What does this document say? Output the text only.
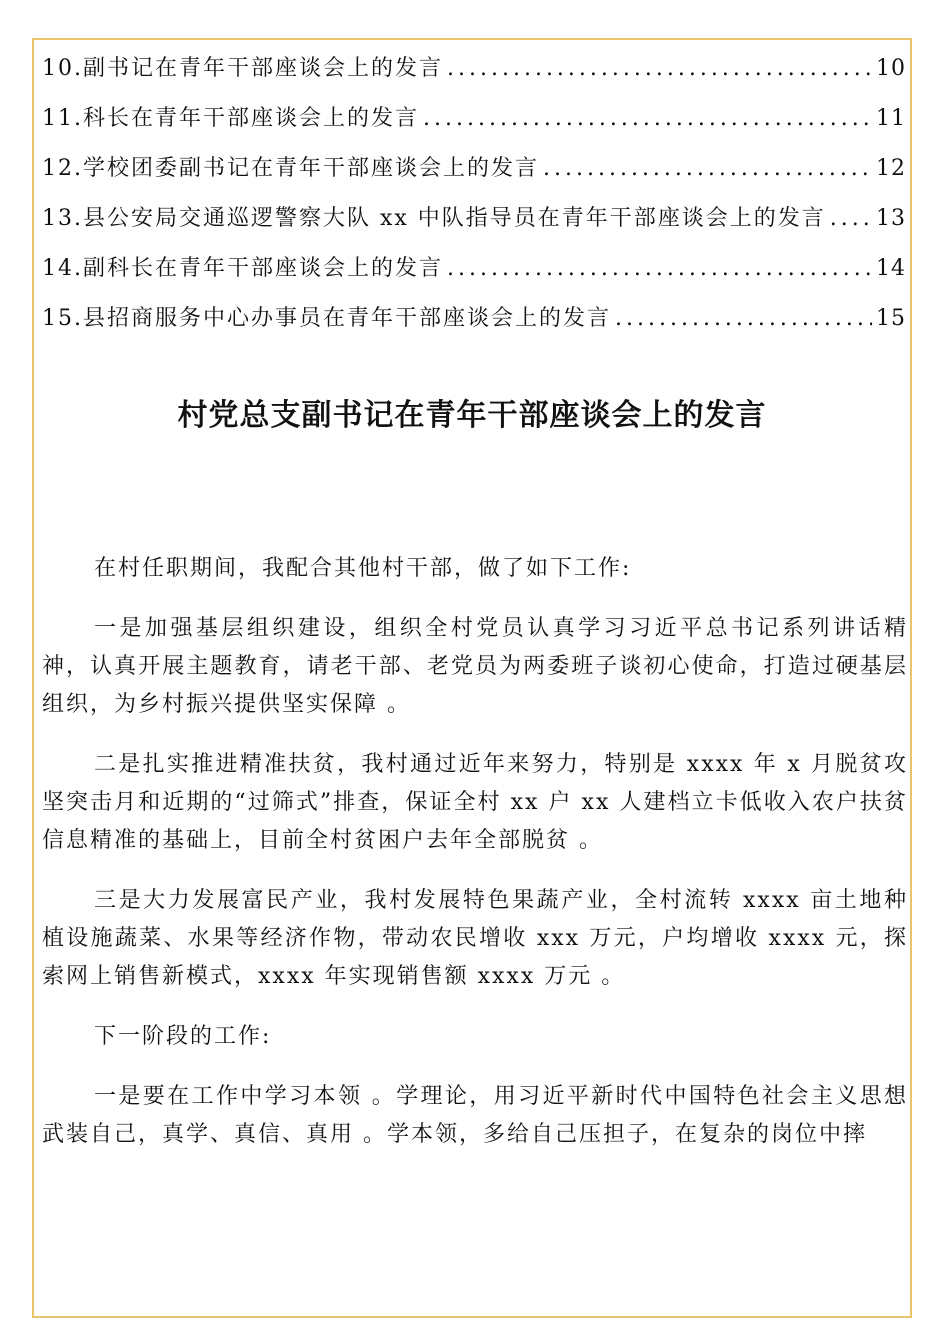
10.副书记在青年干部座谈会上的发言 .....	10
11.科长在青年干部座谈会上的发言 .....	11
12.学校团委副书记在青年干部座谈会上的发言 .....	12
13.县公安局交通巡逻警察大队 xx 中队指导员在青年干部座谈会上的发言 ..... 13
14.副科长在青年干部座谈会上的发言 .....	14
15.县招商服务中心办事员在青年干部座谈会上的发言 .....	15
村党总支副书记在青年干部座谈会上的发言

在村任职期间，我配合其他村干部，做了如下工作:

一是加强基层组织建设，组织全村党员认真学习习近平总书记系列讲话精神，认真开展主题教育，请老干部、老党员为两委班子谈初心使命，打造过硬基层组织，为乡村振兴提供坚实保障 。

二是扎实推进精准扶贫，我村通过近年来努力，特别是 xxxx 年 x 月脱贫攻坚突击月和近期的“过筛式”排查，保证全村 xx 户 xx 人建档立卡低收入农户扶贫信息精准的基础上，目前全村贫困户去年全部脱贫 。

三是大力发展富民产业，我村发展特色果蔬产业，全村流转 xxxx 亩土地种植设施蔬菜、水果等经济作物，带动农民增收 xxx 万元，户均增收 xxxx 元，探索网上销售新模式，xxxx 年实现销售额 xxxx 万元 。

下一阶段的工作:

一是要在工作中学习本领 。学理论，用习近平新时代中国特色社会主义思想武装自己，真学、真信、真用 。学本领，多给自己压担子，在复杂的岗位中摔
